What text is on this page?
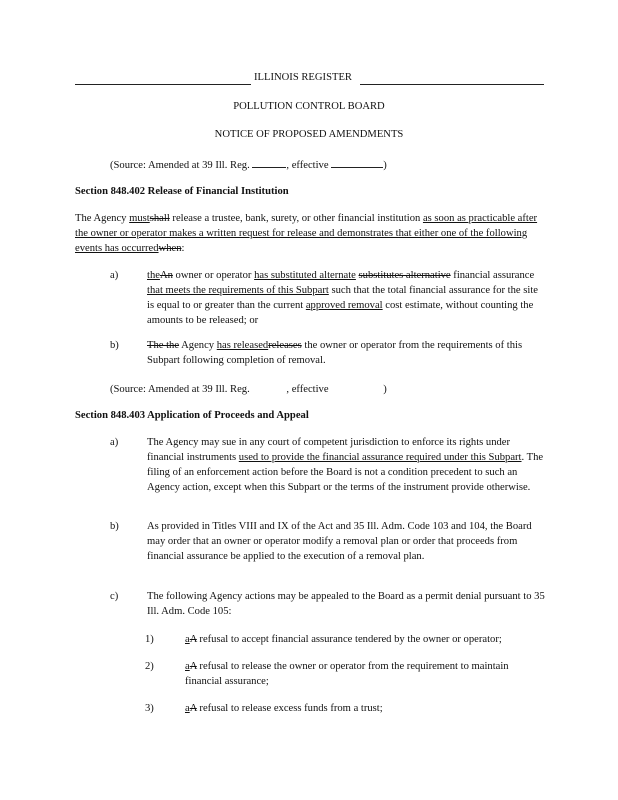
ILLINOIS REGISTER
POLLUTION CONTROL BOARD
NOTICE OF PROPOSED AMENDMENTS
(Source: Amended at 39 Ill. Reg.	, effective	)
Section 848.402 Release of Financial Institution
The Agency mustshall release a trustee, bank, surety, or other financial institution as soon as practicable after the owner or operator makes a written request for release and demonstrates that either one of the following events has occurredwhen:
a)	theAn owner or operator has substituted alternate substitutes alternative financial assurance that meets the requirements of this Subpart such that the total financial assurance for the site is equal to or greater than the current approved removal cost estimate, without counting the amounts to be released; or
b)	The the Agency has releasedreleases the owner or operator from the requirements of this Subpart following completion of removal.
(Source: Amended at 39 Ill. Reg.	, effective	)
Section 848.403 Application of Proceeds and Appeal
a)	The Agency may sue in any court of competent jurisdiction to enforce its rights under financial instruments used to provide the financial assurance required under this Subpart. The filing of an enforcement action before the Board is not a condition precedent to such an Agency action, except when this Subpart or the terms of the instrument provide otherwise.
b)	As provided in Titles VIII and IX of the Act and 35 Ill. Adm. Code 103 and 104, the Board may order that an owner or operator modify a removal plan or order that proceeds from financial assurance be applied to the execution of a removal plan.
c)	The following Agency actions may be appealed to the Board as a permit denial pursuant to 35 Ill. Adm. Code 105:
1)	aA refusal to accept financial assurance tendered by the owner or operator;
2)	aA refusal to release the owner or operator from the requirement to maintain financial assurance;
3)	aA refusal to release excess funds from a trust;
